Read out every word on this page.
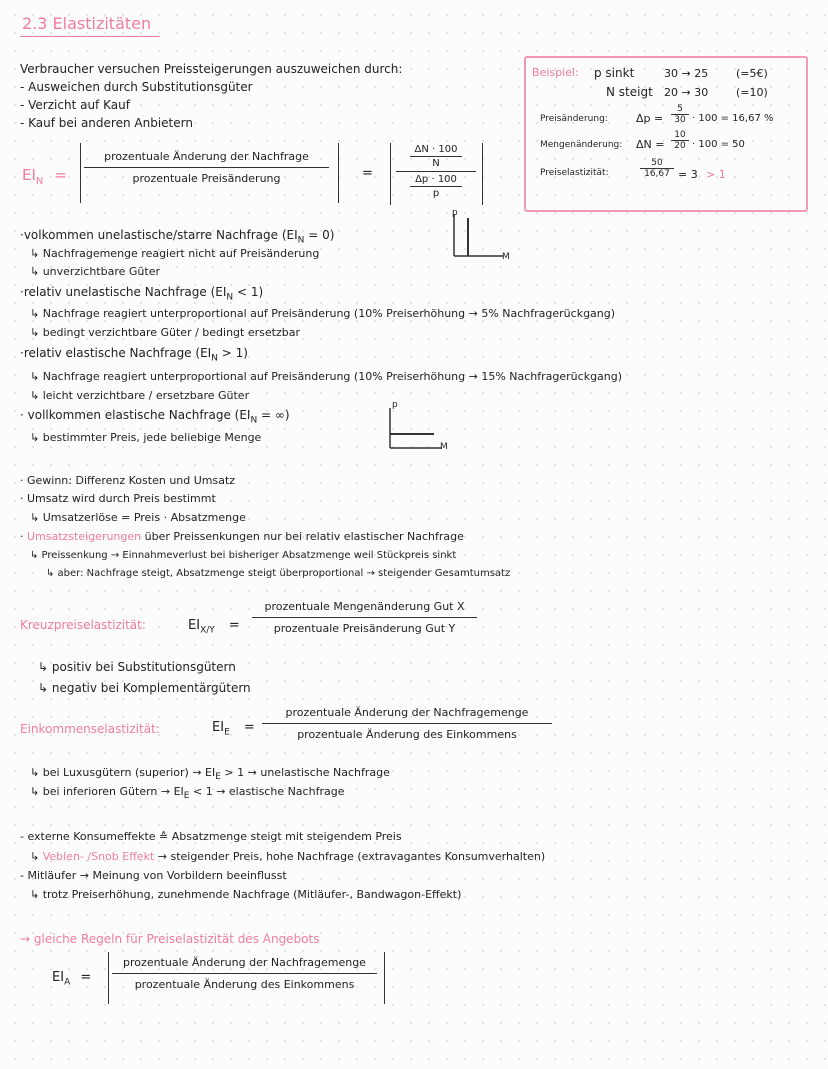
2.3 Elastizitäten
Verbraucher versuchen Preissteigerungen auszuweichen durch:
- Ausweichen durch Substitutionsgüter
- Verzicht auf Kauf
- Kauf bei anderen Anbietern
$EI_N$ =
prozentuale Änderung der Nachfrage
prozentuale Preisänderung	=
ΔN · 100
N
Δp · 100
p
Beispiel: p sinkt	30 → 25	(=5€)
N steigt 20 → 30	(=10)
Preisänderung:	Δp =
5
30 · 100 = 16,67 %
Mengenänderung: ΔN =
10
20 · 100 = 50
Preiselastizität:
50
16,67 = 3 > 1
·volkommen unelastische/starre Nachfrage $(EI_N = 0)$
↳ Nachfragemenge reagiert nicht auf Preisänderung
↳ unverzichtbare Güter
p
M
·relativ unelastische Nachfrage $(EI_N < 1)$
↳ Nachfrage reagiert unterproportional auf Preisänderung (10% Preiserhöhung → 5% Nachfragerückgang)
↳ bedingt verzichtbare Güter / bedingt ersetzbar
·relativ elastische Nachfrage $(EI_N > 1)$
↳ Nachfrage reagiert unterproportional auf Preisänderung (10% Preiserhöhung → 15% Nachfragerückgang)
↳ leicht verzichtbare / ersetzbare Güter
· vollkommen elastische Nachfrage ($EI_N$ = ∞)
↳ bestimmter Preis, jede beliebige Menge
p
M
· Gewinn: Differenz Kosten und Umsatz
· Umsatz wird durch Preis bestimmt
↳ Umsatzerlöse = Preis · Absatzmenge
· Umsatzsteigerungen über Preissenkungen nur bei relativ elastischer Nachfrage
↳ Preissenkung → Einnahmeverlust bei bisheriger Absatzmenge weil Stückpreis sinkt
↳ aber: Nachfrage steigt, Absatzmenge steigt überproportional → steigender Gesamtumsatz
Kreuzpreiselastizität:	$EI_{X/Y}$ =
prozentuale Mengenänderung Gut X
prozentuale Preisänderung Gut Y
↳ positiv bei Substitutionsgütern
↳ negativ bei Komplementärgütern
Einkommenselastizität:	$EI_E$ =
prozentuale Änderung der Nachfragemenge
prozentuale Änderung des Einkommens
↳ bei Luxusgütern (superior) → $EI_E > 1$ → unelastische Nachfrage
↳ bei inferioren Gütern → $EI_E < 1$ → elastische Nachfrage
- externe Konsumeffekte ≙ Absatzmenge steigt mit steigendem Preis
↳ Veblen- /Snob Effekt → steigender Preis, hohe Nachfrage (extravagantes Konsumverhalten)
- Mitläufer → Meinung von Vorbildern beeinflusst
↳ trotz Preiserhöhung, zunehmende Nachfrage (Mitläufer-, Bandwagon-Effekt)
→ gleiche Regeln für Preiselastizität des Angebots
$EI_A$ =
prozentuale Änderung der Nachfragemenge
prozentuale Änderung des Einkommens
